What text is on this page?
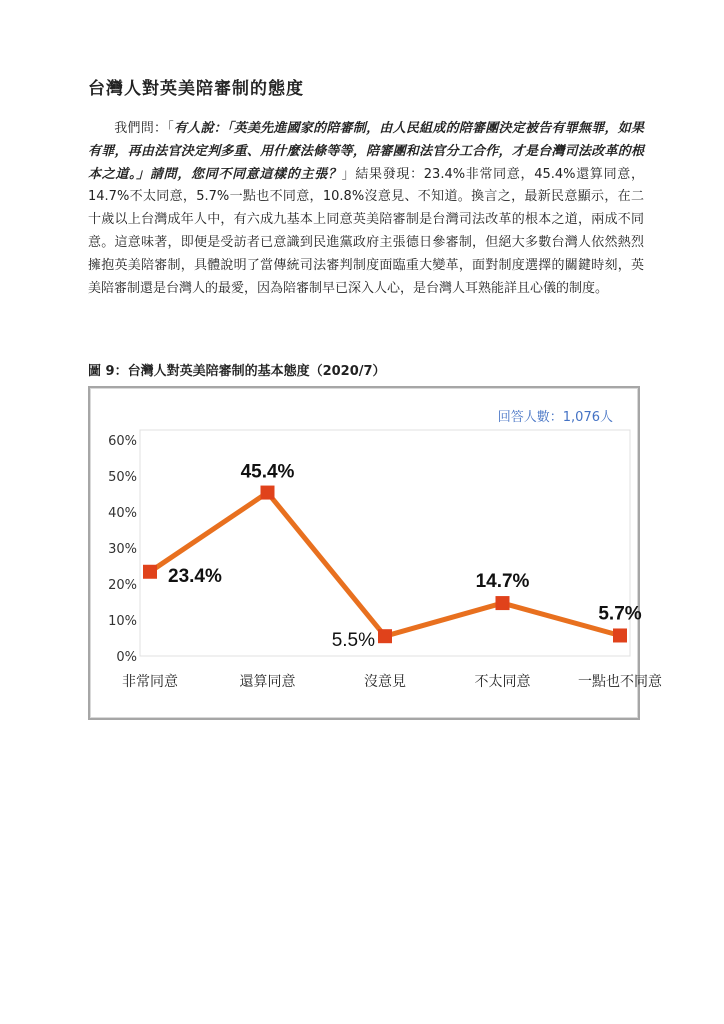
台灣人對英美陪審制的態度

  我們問：「有人說：「英美先進國家的陪審制，由人民組成的陪審團決定被告有罪無罪，如果有罪，再由法官決定判多重、用什麼法條等等，陪審團和法官分工合作，才是台灣司法改革的根本之道。」請問，您同不同意這樣的主張？」結果發現：23.4%非常同意，45.4%還算同意，14.7%不太同意，5.7%一點也不同意，10.8%沒意見、不知道。換言之，最新民意顯示，在二十歲以上台灣成年人中，有六成九基本上同意英美陪審制是台灣司法改革的根本之道，兩成不同意。這意味著，即便是受訪者已意識到民進黨政府主張德日參審制，但絕大多數台灣人依然熱烈擁抱英美陪審制，具體說明了當傳統司法審判制度面臨重大變革，面對制度選擇的關鍵時刻，英美陪審制還是台灣人的最愛，因為陪審制早已深入人心，是台灣人耳熟能詳且心儀的制度。

圖 9：台灣人對英美陪審制的基本態度（2020/7）

0%
10%
20%
30%
40%
50%
60%
非常同意	還算同意	沒意見	不太同意	一點也不同意
23.4%
45.4%
5.5%
14.7%
5.7%
回答人數：1,076人
